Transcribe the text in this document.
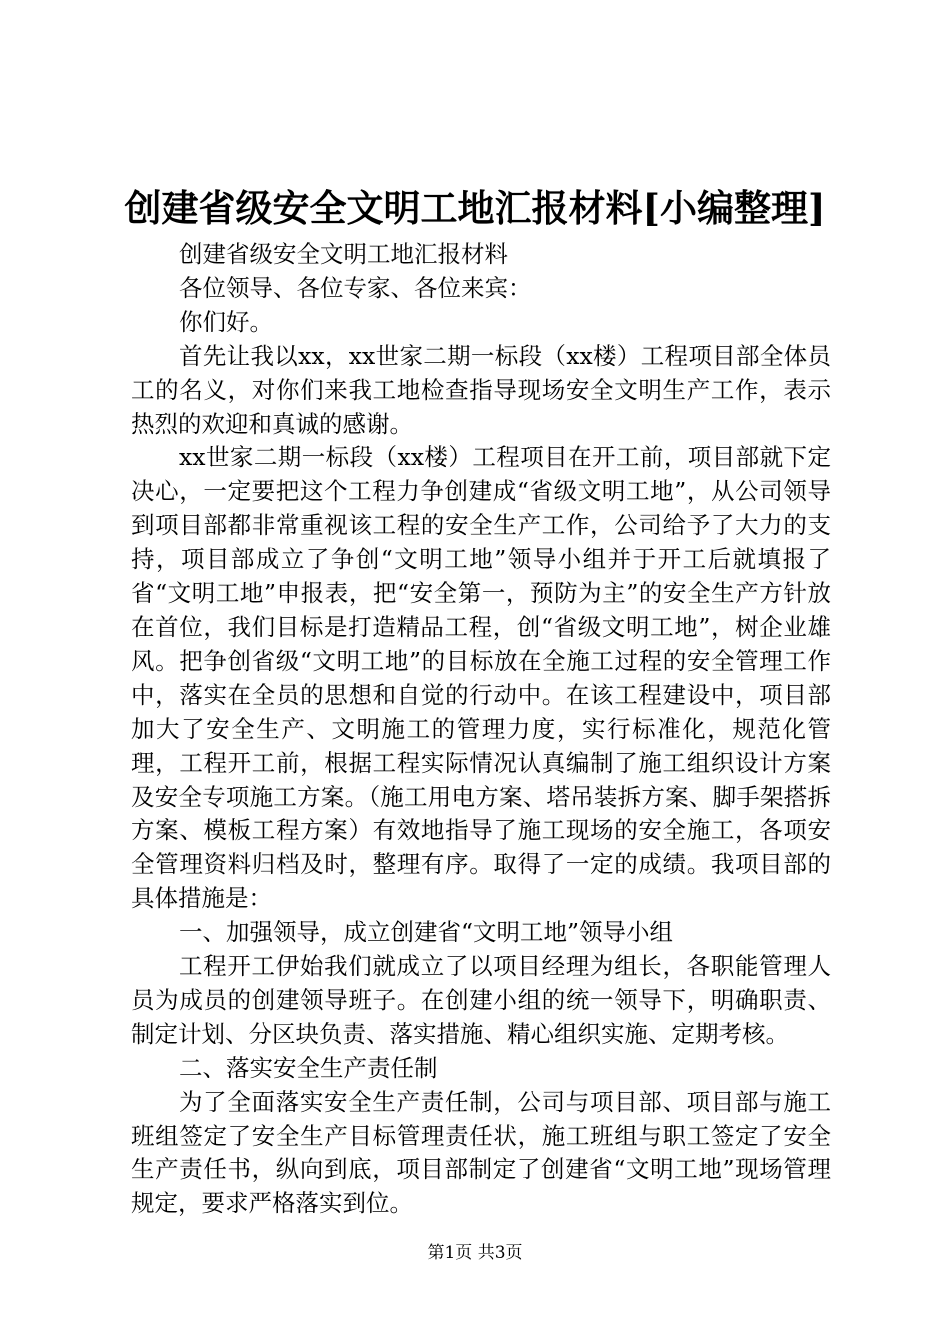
创建省级安全文明工地汇报材料[小编整理]

创建省级安全文明工地汇报材料

各位领导、各位专家、各位来宾：

你们好。

首先让我以xx，xx世家二期一标段（xx楼）工程项目部全体员工的名义，对你们来我工地检查指导现场安全文明生产工作，表示热烈的欢迎和真诚的感谢。

xx世家二期一标段（xx楼）工程项目在开工前，项目部就下定决心，一定要把这个工程力争创建成“省级文明工地”，从公司领导到项目部都非常重视该工程的安全生产工作，公司给予了大力的支持，项目部成立了争创“文明工地”领导小组并于开工后就填报了省“文明工地”申报表，把“安全第一，预防为主”的安全生产方针放在首位，我们目标是打造精品工程，创“省级文明工地”，树企业雄风。把争创省级“文明工地”的目标放在全施工过程的安全管理工作中，落实在全员的思想和自觉的行动中。在该工程建设中，项目部加大了安全生产、文明施工的管理力度，实行标准化，规范化管理，工程开工前，根据工程实际情况认真编制了施工组织设计方案及安全专项施工方案。（施工用电方案、塔吊装拆方案、脚手架搭拆方案、模板工程方案）有效地指导了施工现场的安全施工，各项安全管理资料归档及时，整理有序。取得了一定的成绩。我项目部的具体措施是：

一、加强领导，成立创建省“文明工地”领导小组

工程开工伊始我们就成立了以项目经理为组长，各职能管理人员为成员的创建领导班子。在创建小组的统一领导下，明确职责、制定计划、分区块负责、落实措施、精心组织实施、定期考核。

二、落实安全生产责任制

为了全面落实安全生产责任制，公司与项目部、项目部与施工班组签定了安全生产目标管理责任状，施工班组与职工签定了安全生产责任书，纵向到底，项目部制定了创建省“文明工地”现场管理规定，要求严格落实到位。

第1页 共3页
